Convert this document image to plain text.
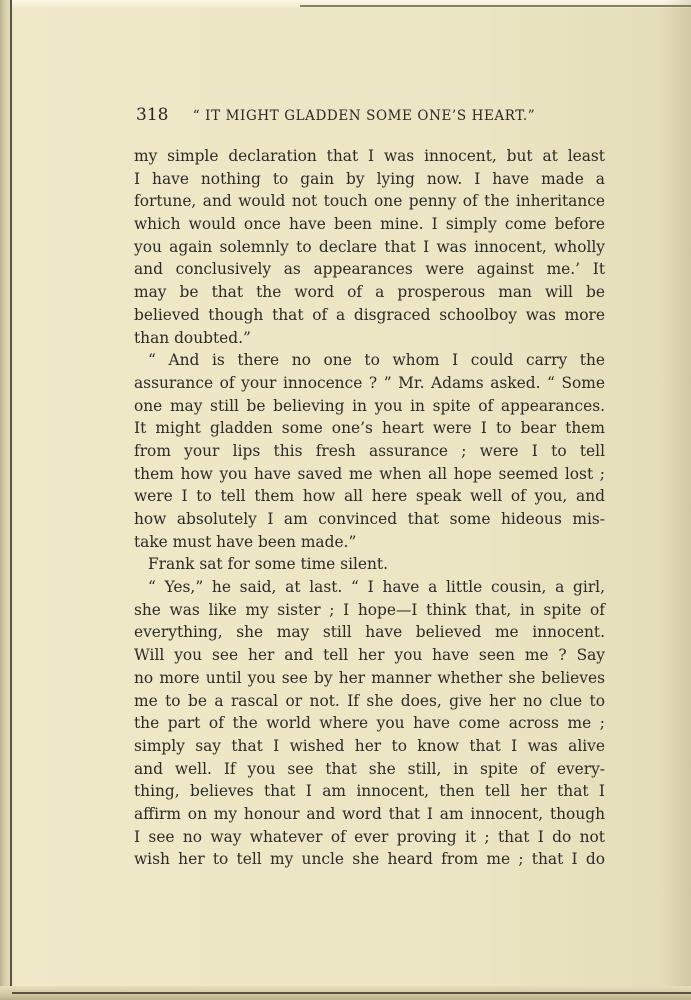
318 “ IT MIGHT GLADDEN SOME ONE’S HEART.”
my simple declaration that I was innocent, but at least
I have nothing to gain by lying now. I have made a
fortune, and would not touch one penny of the inheritance
which would once have been mine. I simply come before
you again solemnly to declare that I was innocent, wholly
and conclusively as appearances were against me.’ It
may be that the word of a prosperous man will be
believed though that of a disgraced schoolboy was more
than doubted.”
“ And is there no one to whom I could carry the
assurance of your innocence ? ” Mr. Adams asked. “ Some
one may still be believing in you in spite of appearances.
It might gladden some one’s heart were I to bear them
from your lips this fresh assurance ; were I to tell
them how you have saved me when all hope seemed lost ;
were I to tell them how all here speak well of you, and
how absolutely I am convinced that some hideous mis-
take must have been made.”
Frank sat for some time silent.
“ Yes,” he said, at last. “ I have a little cousin, a girl,
she was like my sister ; I hope—I think that, in spite of
everything, she may still have believed me innocent.
Will you see her and tell her you have seen me ? Say
no more until you see by her manner whether she believes
me to be a rascal or not. If she does, give her no clue to
the part of the world where you have come across me ;
simply say that I wished her to know that I was alive
and well. If you see that she still, in spite of every-
thing, believes that I am innocent, then tell her that I
affirm on my honour and word that I am innocent, though
I see no way whatever of ever proving it ; that I do not
wish her to tell my uncle she heard from me ; that I do
